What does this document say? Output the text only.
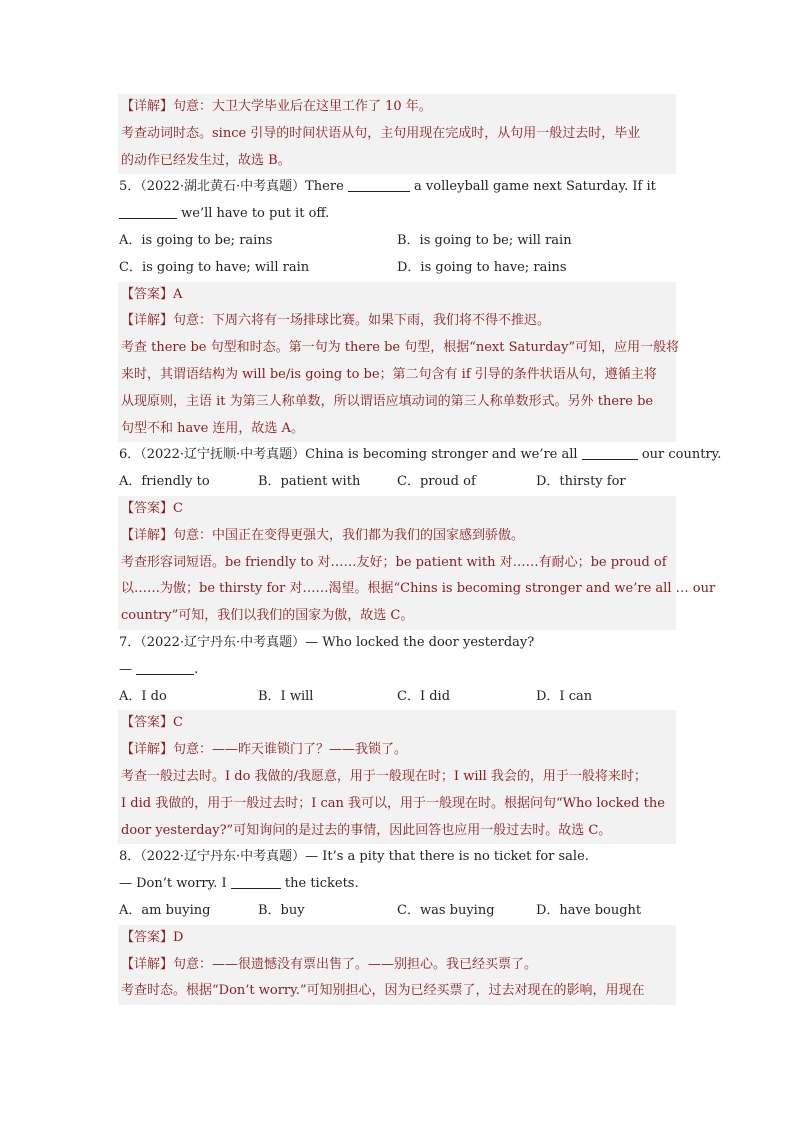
【详解】句意：大卫大学毕业后在这里工作了 10 年。
考查动词时态。since 引导的时间状语从句，主句用现在完成时，从句用一般过去时，毕业
的动作已经发生过，故选 B。
5．（2022·湖北黄石·中考真题）There	a volleyball game next Saturday. If it
we’ll have to put it off.
A．is going to be; rains	B．is going to be; will rain
C．is going to have; will rain	D．is going to have; rains
【答案】A
【详解】句意：下周六将有一场排球比赛。如果下雨，我们将不得不推迟。
考查 there be 句型和时态。第一句为 there be 句型，根据“next Saturday”可知，应用一般将
来时，其谓语结构为 will be/is going to be；第二句含有 if 引导的条件状语从句，遵循主将
从现原则，主语 it 为第三人称单数，所以谓语应填动词的第三人称单数形式。另外 there be
句型不和 have 连用，故选 A。
6．（2022·辽宁抚顺·中考真题）China is becoming stronger and we’re all	our country.
A．friendly to	B．patient with	C．proud of	D．thirsty for
【答案】C
【详解】句意：中国正在变得更强大，我们都为我们的国家感到骄傲。
考查形容词短语。be friendly to 对……友好；be patient with 对……有耐心；be proud of
以……为傲；be thirsty for 对……渴望。根据“Chins is becoming stronger and we’re all … our
country”可知，我们以我们的国家为傲，故选 C。
7．（2022·辽宁丹东·中考真题）— Who locked the door yesterday?
—	.
A．I do	B．I will	C．I did	D．I can
【答案】C
【详解】句意：——昨天谁锁门了？——我锁了。
考查一般过去时。I do 我做的/我愿意，用于一般现在时；I will 我会的，用于一般将来时；
I did 我做的，用于一般过去时；I can 我可以，用于一般现在时。根据问句“Who locked the
door yesterday?”可知询问的是过去的事情，因此回答也应用一般过去时。故选 C。
8．（2022·辽宁丹东·中考真题）— It’s a pity that there is no ticket for sale.
— Don’t worry. I	the tickets.
A．am buying	B．buy	C．was buying	D．have bought
【答案】D
【详解】句意：——很遗憾没有票出售了。——别担心。我已经买票了。
考查时态。根据“Don’t worry.”可知别担心，因为已经买票了，过去对现在的影响，用现在
